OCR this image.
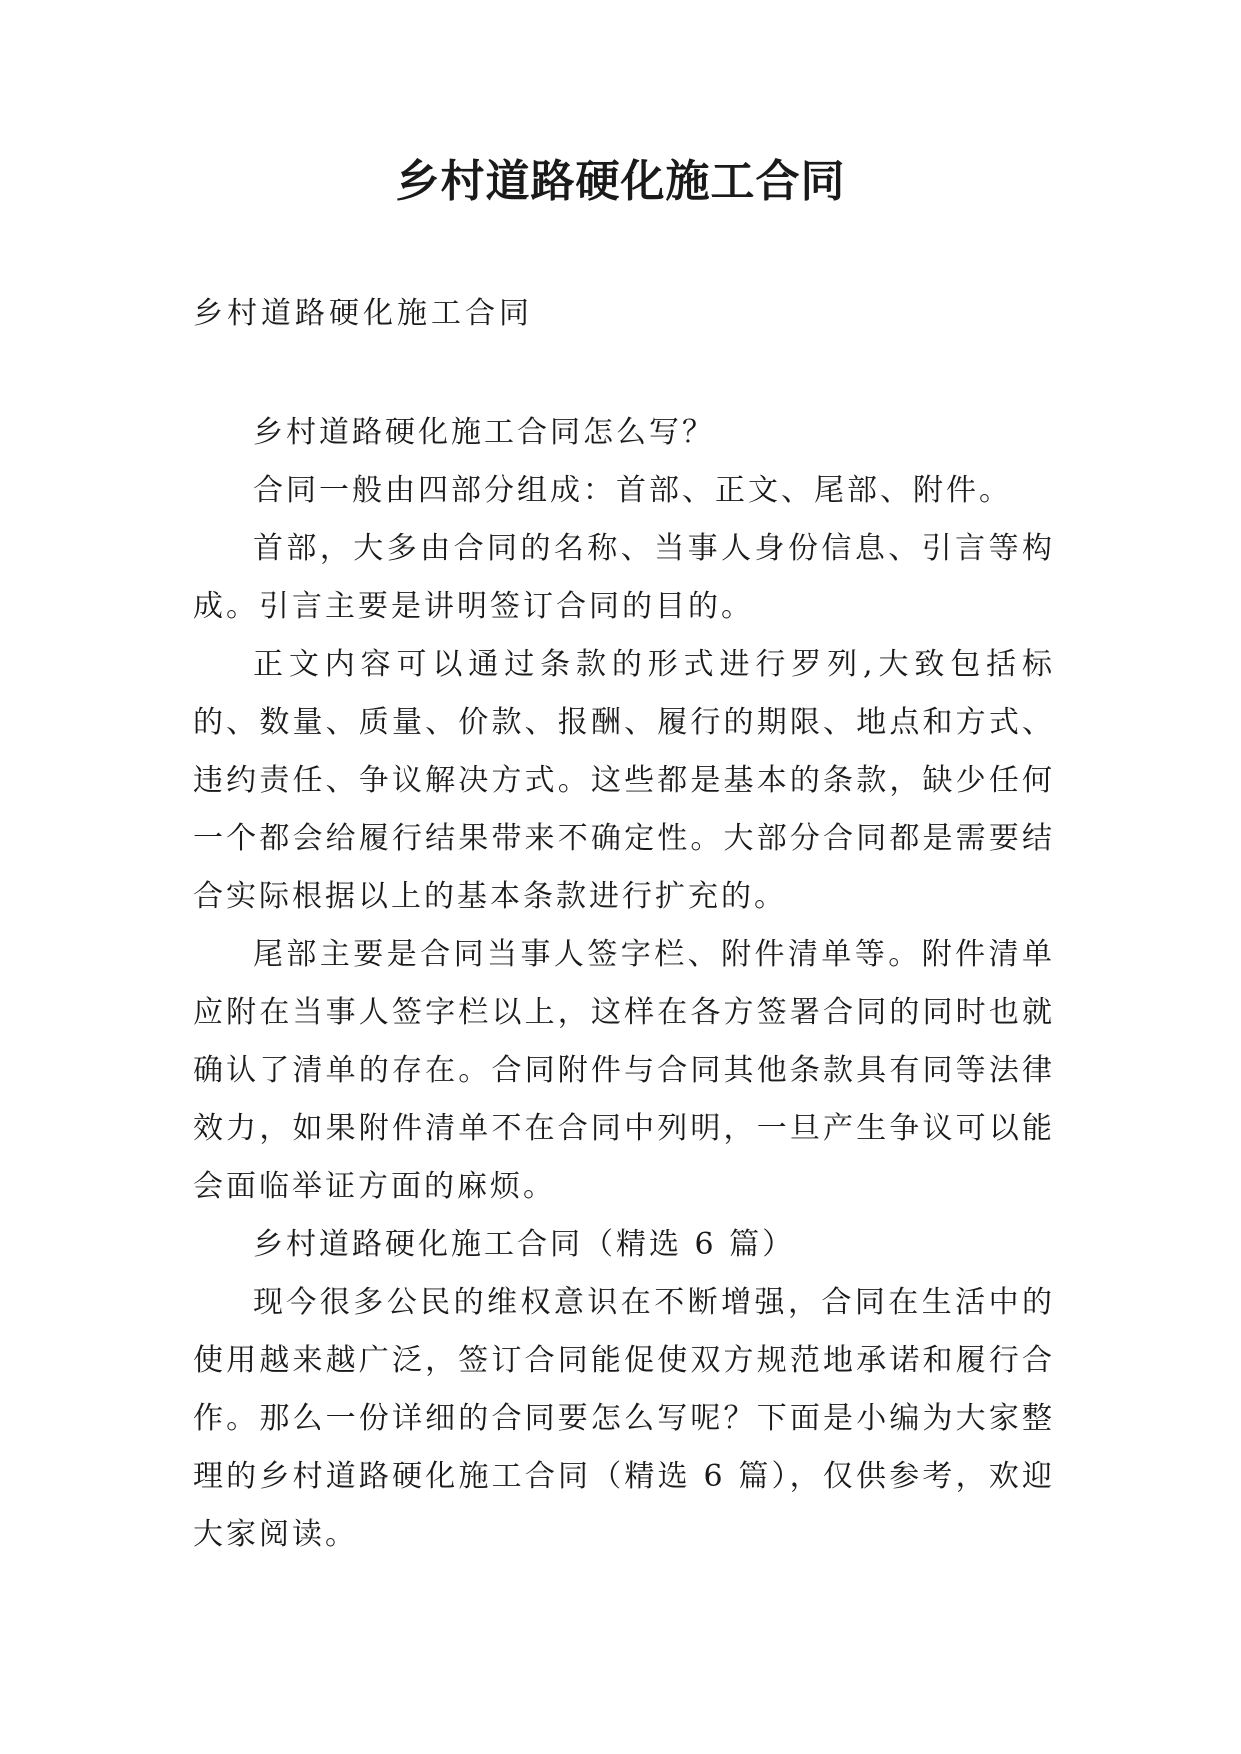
乡村道路硬化施工合同
乡村道路硬化施工合同

乡村道路硬化施工合同怎么写？

合同一般由四部分组成：首部、正文、尾部、附件。

首部，大多由合同的名称、当事人身份信息、引言等构成。引言主要是讲明签订合同的目的。

正文内容可以通过条款的形式进行罗列,大致包括标的、数量、质量、价款、报酬、履行的期限、地点和方式、违约责任、争议解决方式。这些都是基本的条款，缺少任何一个都会给履行结果带来不确定性。大部分合同都是需要结合实际根据以上的基本条款进行扩充的。

尾部主要是合同当事人签字栏、附件清单等。附件清单应附在当事人签字栏以上，这样在各方签署合同的同时也就确认了清单的存在。合同附件与合同其他条款具有同等法律效力，如果附件清单不在合同中列明，一旦产生争议可以能会面临举证方面的麻烦。

乡村道路硬化施工合同（精选 6 篇）

现今很多公民的维权意识在不断增强，合同在生活中的使用越来越广泛，签订合同能促使双方规范地承诺和履行合作。那么一份详细的合同要怎么写呢？下面是小编为大家整理的乡村道路硬化施工合同（精选 6 篇），仅供参考，欢迎大家阅读。
